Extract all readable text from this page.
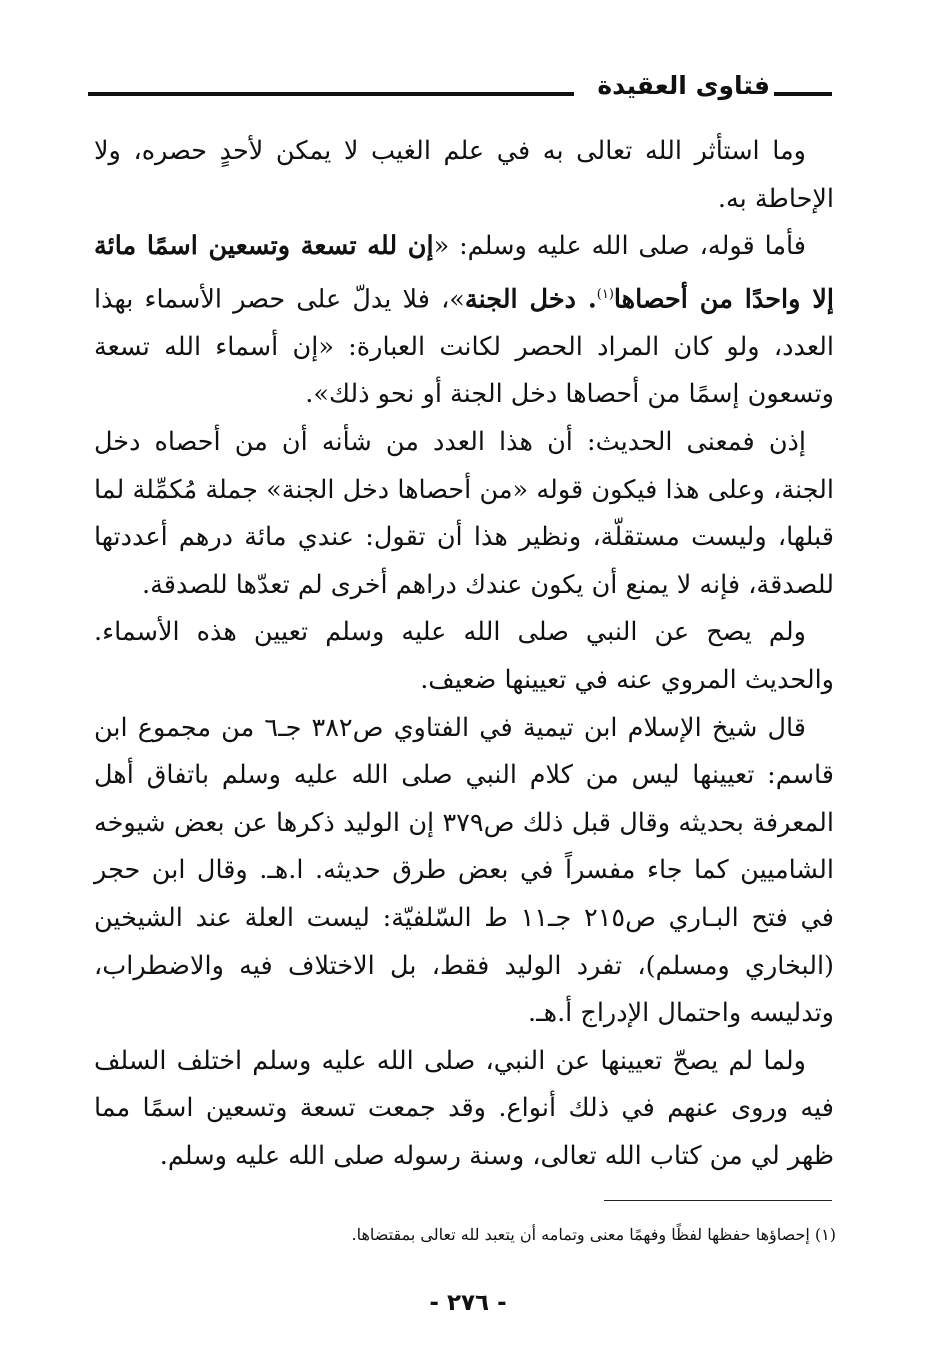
فتاوى العقيدة

وما استأثر الله تعالى به في علم الغيب لا يمكن لأحدٍ حصره، ولا الإحاطة به.

فأما قوله، صلى الله عليه وسلم: «إن لله تسعة وتسعين اسمًا مائة إلا واحدًا من أحصاها$^{(١)}$. دخل الجنة»، فلا يدلّ على حصر الأسماء بهذا العدد، ولو كان المراد الحصر لكانت العبارة: «إن أسماء الله تسعة وتسعون إسمًا من أحصاها دخل الجنة أو نحو ذلك».

إذن فمعنى الحديث: أن هذا العدد من شأنه أن من أحصاه دخل الجنة، وعلى هذا فيكون قوله «من أحصاها دخل الجنة» جملة مُكمِّلة لما قبلها، وليست مستقلّة، ونظير هذا أن تقول: عندي مائة درهم أعددتها للصدقة، فإنه لا يمنع أن يكون عندك دراهم أخرى لم تعدّها للصدقة.

ولم يصح عن النبي صلى الله عليه وسلم تعيين هذه الأسماء. والحديث المروي عنه في تعيينها ضعيف.

قال شيخ الإسلام ابن تيمية في الفتاوي ص٣٨٢ جـ٦ من مجموع ابن قاسم: تعيينها ليس من كلام النبي صلى الله عليه وسلم باتفاق أهل المعرفة بحديثه وقال قبل ذلك ص٣٧٩ إن الوليد ذكرها عن بعض شيوخه الشاميين كما جاء مفسراً في بعض طرق حديثه. ا.هـ. وقال ابن حجر في فتح البـاري ص٢١٥ جـ١١ ط السّلفيّة: ليست العلة عند الشيخين (البخاري ومسلم)، تفرد الوليد فقط، بل الاختلاف فيه والاضطراب، وتدليسه واحتمال الإدراج أ.هـ.

ولما لم يصحّ تعيينها عن النبي، صلى الله عليه وسلم اختلف السلف فيه وروى عنهم في ذلك أنواع. وقد جمعت تسعة وتسعين اسمًا مما ظهر لي من كتاب الله تعالى، وسنة رسوله صلى الله عليه وسلم.

(١) إحصاؤها حفظها لفظًا وفهمًا معنى وتمامه أن يتعبد لله تعالى بمقتضاها.
- ٢٧٦ -
